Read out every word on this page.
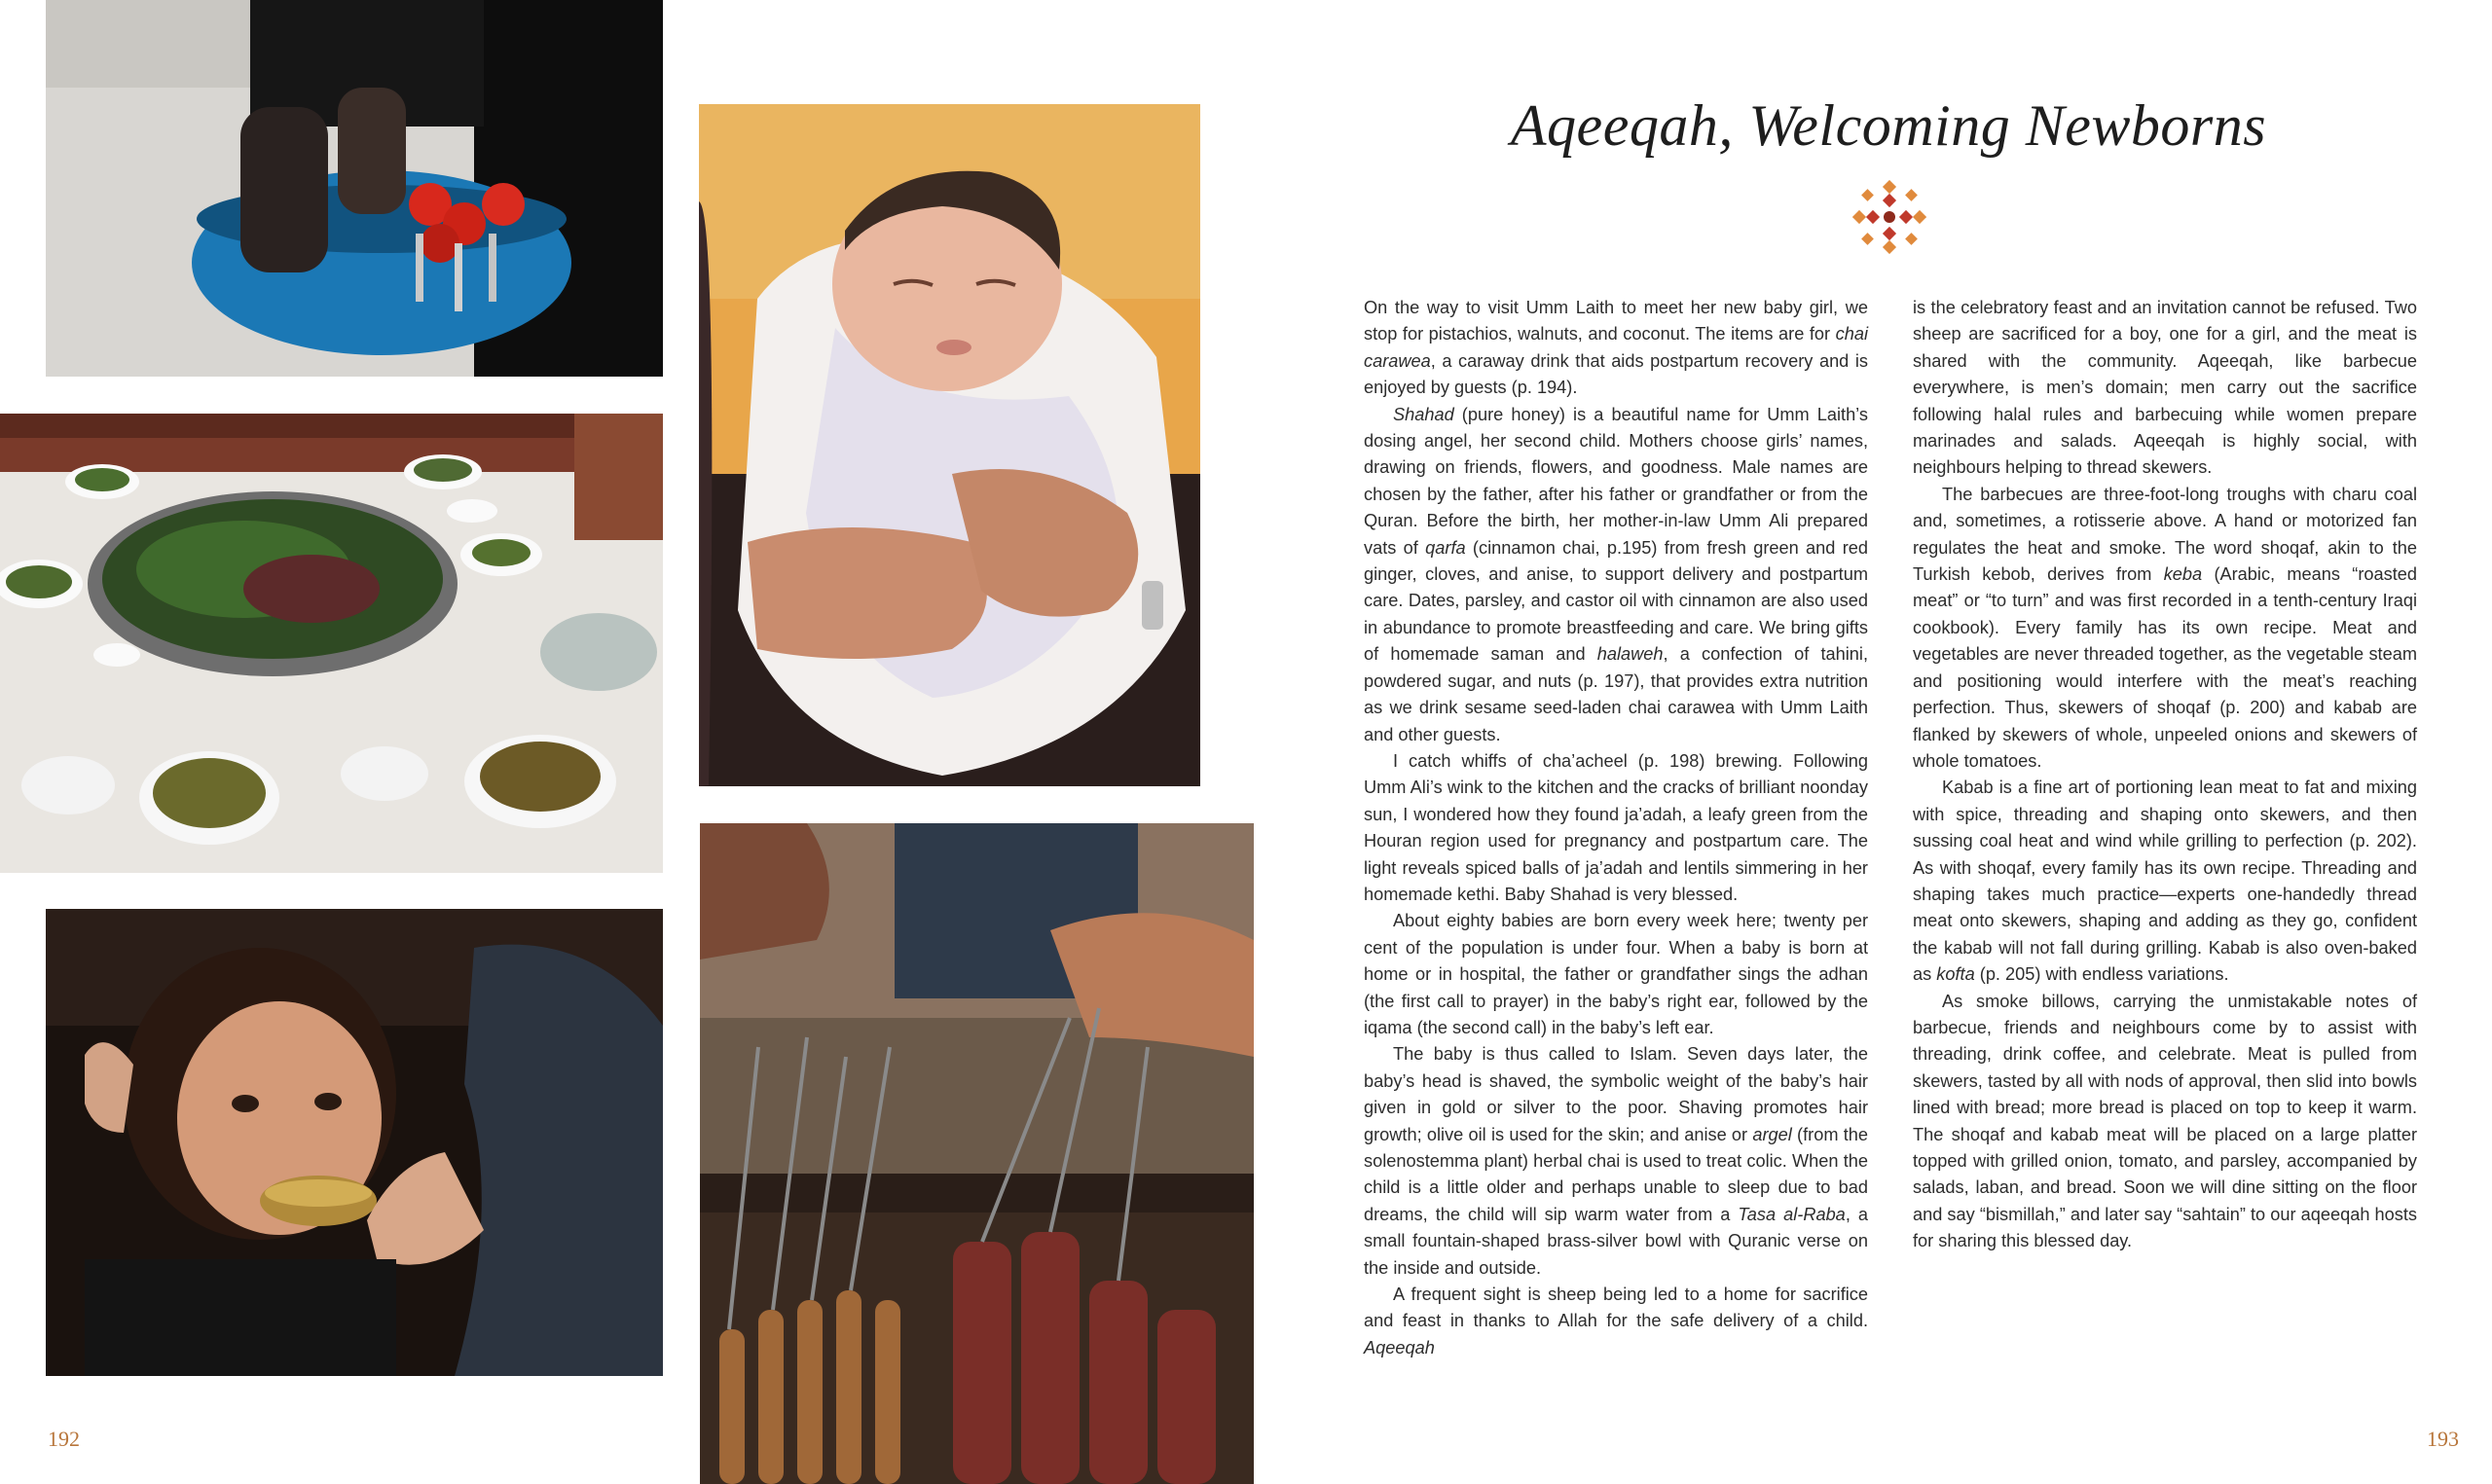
Aqeeqah, Welcoming Newborns

On the way to visit Umm Laith to meet her new baby girl, we stop for pistachios, walnuts, and coconut. The items are for chai carawea, a caraway drink that aids postpartum recovery and is enjoyed by guests (p. 194).

Shahad (pure honey) is a beautiful name for Umm Laith’s dosing angel, her second child. Mothers choose girls’ names, drawing on friends, flowers, and goodness. Male names are chosen by the father, after his father or grandfather or from the Quran. Before the birth, her mother-in-law Umm Ali prepared vats of qarfa (cinnamon chai, p.195) from fresh green and red ginger, cloves, and anise, to support delivery and postpartum care. Dates, parsley, and castor oil with cinnamon are also used in abundance to promote breastfeeding and care. We bring gifts of homemade saman and halaweh, a confection of tahini, powdered sugar, and nuts (p. 197), that provides extra nutrition as we drink sesame seed-laden chai carawea with Umm Laith and other guests.

I catch whiffs of cha’acheel (p. 198) brewing. Following Umm Ali’s wink to the kitchen and the cracks of brilliant noonday sun, I wondered how they found ja’adah, a leafy green from the Houran region used for pregnancy and postpartum care. The light reveals spiced balls of ja’adah and lentils simmering in her homemade kethi. Baby Shahad is very blessed.

About eighty babies are born every week here; twenty per cent of the population is under four. When a baby is born at home or in hospital, the father or grandfather sings the adhan (the first call to prayer) in the baby’s right ear, followed by the iqama (the second call) in the baby’s left ear.

The baby is thus called to Islam. Seven days later, the baby’s head is shaved, the symbolic weight of the baby’s hair given in gold or silver to the poor. Shaving promotes hair growth; olive oil is used for the skin; and anise or argel (from the solenostemma plant) herbal chai is used to treat colic. When the child is a little older and perhaps unable to sleep due to bad dreams, the child will sip warm water from a Tasa al-Raba, a small fountain-shaped brass-silver bowl with Quranic verse on the inside and outside.

A frequent sight is sheep being led to a home for sacrifice and feast in thanks to Allah for the safe delivery of a child. Aqeeqah

is the celebratory feast and an invitation cannot be refused. Two sheep are sacrificed for a boy, one for a girl, and the meat is shared with the community. Aqeeqah, like barbecue everywhere, is men’s domain; men carry out the sacrifice following halal rules and barbecuing while women prepare marinades and salads. Aqeeqah is highly social, with neighbours helping to thread skewers.

The barbecues are three-foot-long troughs with charu coal and, sometimes, a rotisserie above. A hand or motorized fan regulates the heat and smoke. The word shoqaf, akin to the Turkish kebob, derives from keba (Arabic, means “roasted meat” or “to turn” and was first recorded in a tenth-century Iraqi cookbook). Every family has its own recipe. Meat and vegetables are never threaded together, as the vegetable steam and positioning would interfere with the meat’s reaching perfection. Thus, skewers of shoqaf (p. 200) and kabab are flanked by skewers of whole, unpeeled onions and skewers of whole tomatoes.

Kabab is a fine art of portioning lean meat to fat and mixing with spice, threading and shaping onto skewers, and then sussing coal heat and wind while grilling to perfection (p. 202). As with shoqaf, every family has its own recipe. Threading and shaping takes much practice—experts one-handedly thread meat onto skewers, shaping and adding as they go, confident the kabab will not fall during grilling. Kabab is also oven-baked as kofta (p. 205) with endless variations.

As smoke billows, carrying the unmistakable notes of barbecue, friends and neighbours come by to assist with threading, drink coffee, and celebrate. Meat is pulled from skewers, tasted by all with nods of approval, then slid into bowls lined with bread; more bread is placed on top to keep it warm. The shoqaf and kabab meat will be placed on a large platter topped with grilled onion, tomato, and parsley, accompanied by salads, laban, and bread. Soon we will dine sitting on the floor and say “bismillah,” and later say “sahtain” to our aqeeqah hosts for sharing this blessed day.

192	193
